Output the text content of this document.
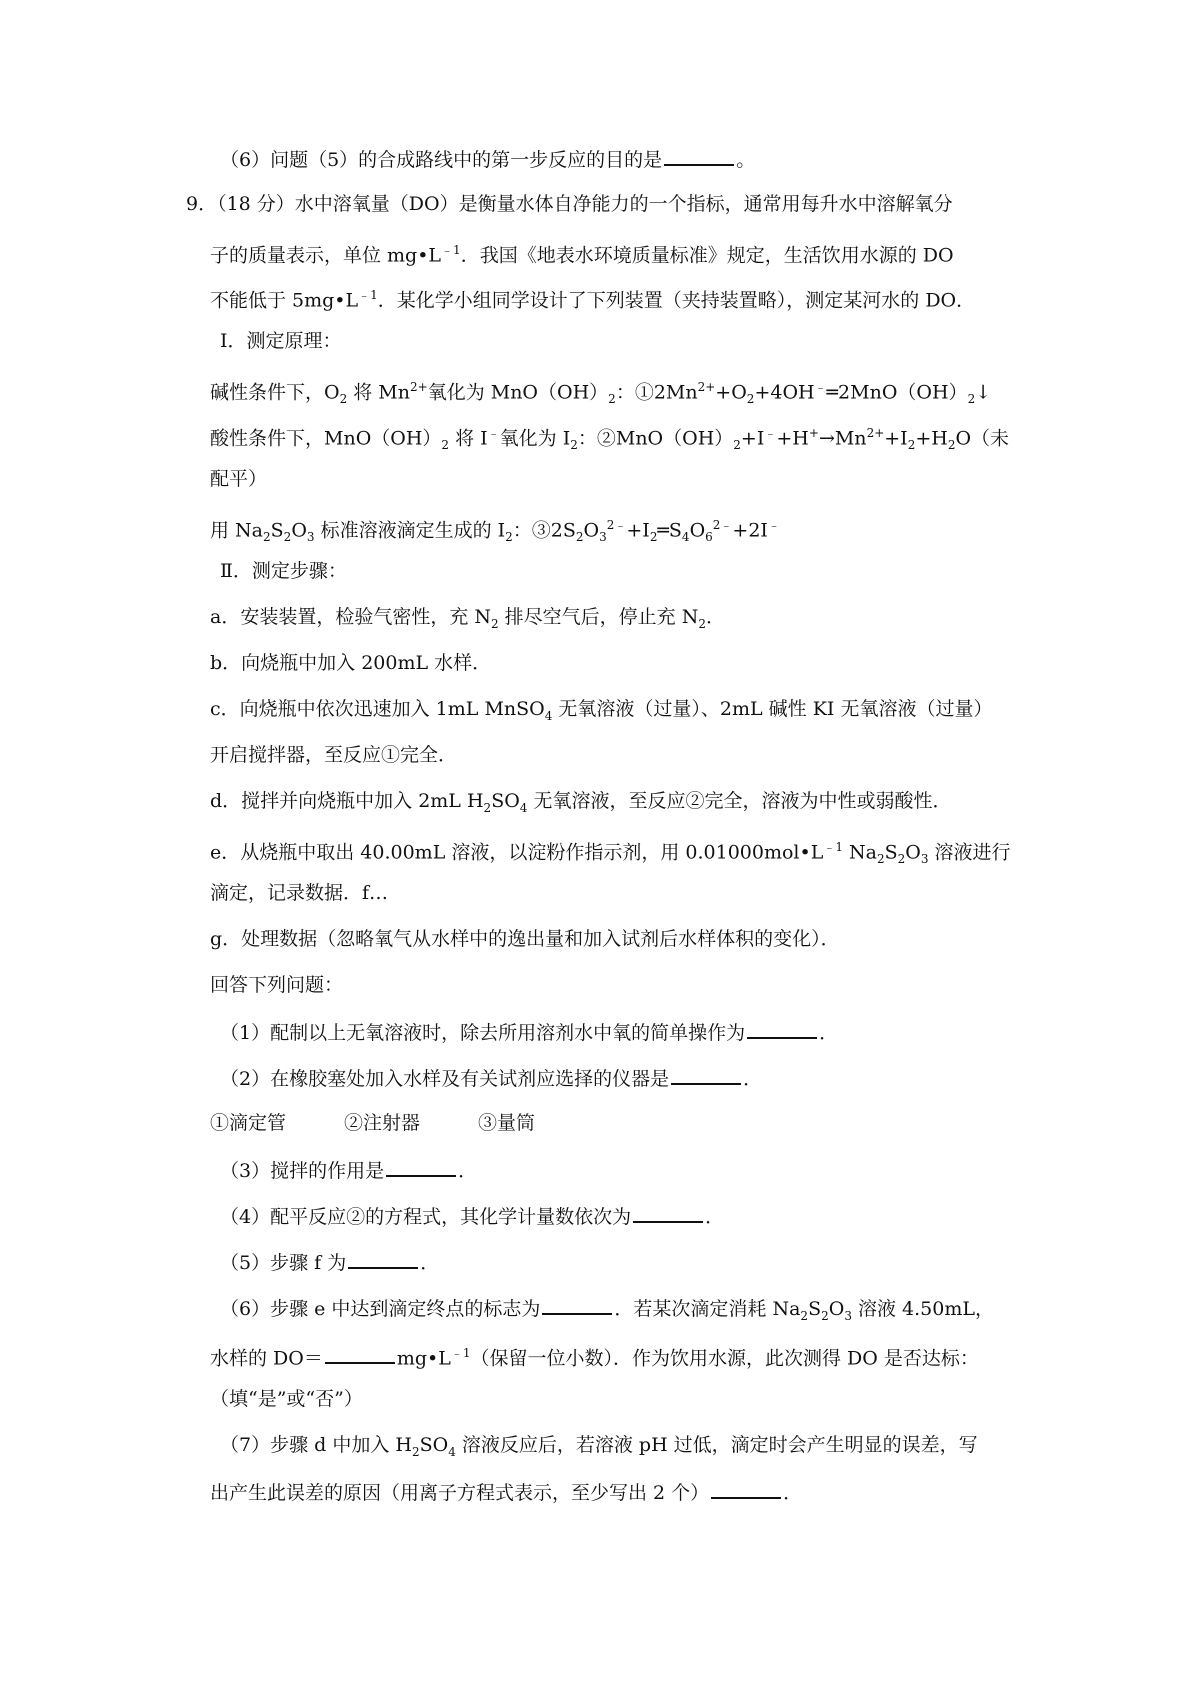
（6）问题（5）的合成路线中的第一步反应的目的是	。
9．（18 分）水中溶氧量（DO）是衡量水体自净能力的一个指标，通常用每升水中溶解氧分
子的质量表示，单位 $mg•L^{﹣1}$．我国《地表水环境质量标准》规定，生活饮用水源的 DO
不能低于 $5mg•L^{﹣1}$．某化学小组同学设计了下列装置（夹持装置略），测定某河水的 DO．
Ⅰ．测定原理：
碱性条件下，$O_2$ 将 $Mn^{2+}$氧化为 $MnO(OH)_2$：$①2Mn^{2+}+O_2+4OH^﹣═2MnO(OH)_2↓$
酸性条件下，$MnO(OH)_2$ 将 I﹣氧化为 $I_2$：$②MnO(OH)_2+I^﹣+H^+\to Mn^{2+}+I_2+H_2O$（未
配平）
用 $Na_2S_2O_3$ 标准溶液滴定生成的 $I_2$：$③2S_2O_3^{2﹣}+I_2═S_4O_6^{2﹣}+2I^﹣$
Ⅱ．测定步骤：
a．安装装置，检验气密性，充 $N_2$ 排尽空气后，停止充 $N_2$．
b．向烧瓶中加入 200mL 水样．
c．向烧瓶中依次迅速加入 1mL MnSO$_4$ 无氧溶液（过量）、2mL 碱性 KI 无氧溶液（过量）
开启搅拌器，至反应①完全．
d．搅拌并向烧瓶中加入 2mL $H_2SO_4$ 无氧溶液，至反应②完全，溶液为中性或弱酸性．
e．从烧瓶中取出 40.00mL 溶液，以淀粉作指示剂，用 $0.01000mol•L^{﹣1}$ $Na_2S_2O_3$ 溶液进行
滴定，记录数据．f…
g．处理数据（忽略氧气从水样中的逸出量和加入试剂后水样体积的变化）．
回答下列问题：
（1）配制以上无氧溶液时，除去所用溶剂水中氧的简单操作为	．
（2）在橡胶塞处加入水样及有关试剂应选择的仪器是	．
①滴定管	②注射器	③量筒
（3）搅拌的作用是	．
（4）配平反应②的方程式，其化学计量数依次为	．
（5）步骤 f 为	．
（6）步骤 e 中达到滴定终点的标志为	．若某次滴定消耗 $Na_2S_2O_3$ 溶液 4.50mL，
水样的 DO＝	$mg•L^{﹣1}$（保留一位小数）．作为饮用水源，此次测得 DO 是否达标：
（填“是”或“否”）
（7）步骤 d 中加入 $H_2SO_4$ 溶液反应后，若溶液 pH 过低，滴定时会产生明显的误差，写
出产生此误差的原因（用离子方程式表示，至少写出 2 个）	．
